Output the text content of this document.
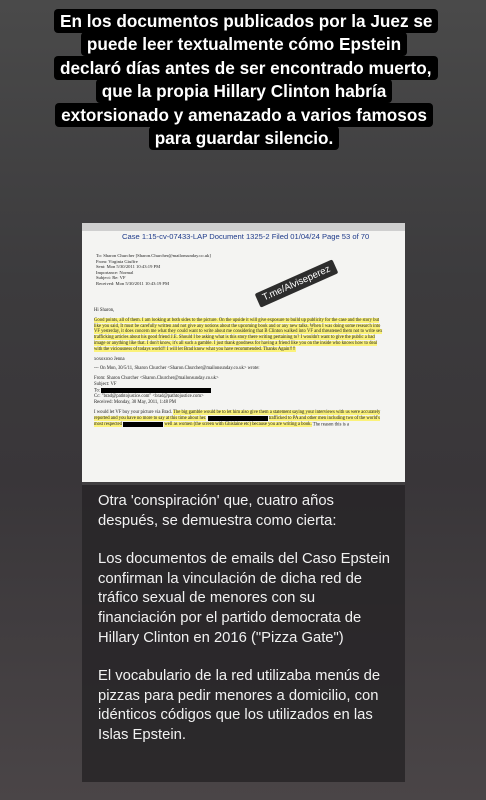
En los documentos publicados por la Juez se puede leer textualmente cómo Epstein declaró días antes de ser encontrado muerto, que la propia Hillary Clinton habría extorsionado y amenazado a varios famosos para guardar silencio.
Case 1:15-cv-07433-LAP Document 1325-2 Filed 01/04/24 Page 53 of 70
To: Sharon Churcher [Sharon.Churcher@mailonsunday.co.uk]
From: Virginia Giuffre
Sent: Mon 5/30/2011 10:43:19 PM
Importance: Normal
Subject: Re: VF
Received: Mon 5/30/2011 10:43:19 PM	T.me/Alviseperez

Hi Sharon,

Good points, all of them. I am looking at both sides to the picture. On the upside it will give exposure to build up publicity for the case and the story but like you said, It must be carefully written and not give any notions about the upcoming book and or any new talks. When I was doing some research into VF yesterday, it does concern me what they could want to write about me considering that B Clinton walked into VF and threatened them not to write sex trafficking articles about his good friend J.E. Should I be asking what is this story there writing pertaining to? I wouldn't want to give the public a bad image or anything like that. I don't know, it's all such a gamble. I just thank goodness for having a friend like you on the inside who knows how to deal with the viciousness of todays world!! I will let Brad know what you have recommended. Thanks Again!!!!

xoxoxoxo Jenna

--- On Mon, 30/5/11, Sharon Churcher <Sharon.Churcher@mailonsunday.co.uk> wrote:

From: Sharon Churcher <Sharon.Churcher@mailonsunday.co.uk>
Subject: VF
To:
Cc: "brad@pathtojustice.com" <brad@pathtojustice.com>
Received: Monday, 30 May, 2011, 1:48 PM

I would let VF buy your picture via Brad. The big gamble would be to let him also give them a statement saying your interviews with us were accurately reported and you have no more to say at this time about her.	trafficked to PA and other men including two of the world's most respected	well as women (the screen with Ghislaine etc) because you are writing a book. The reason this is a

Otra 'conspiración' que, cuatro años después, se demuestra como cierta:

Los documentos de emails del Caso Epstein confirman la vinculación de dicha red de tráfico sexual de menores con su financiación por el partido democrata de Hillary Clinton en 2016 ("Pizza Gate")

El vocabulario de la red utilizaba menús de pizzas para pedir menores a domicilio, con idénticos códigos que los utilizados en las Islas Epstein.
